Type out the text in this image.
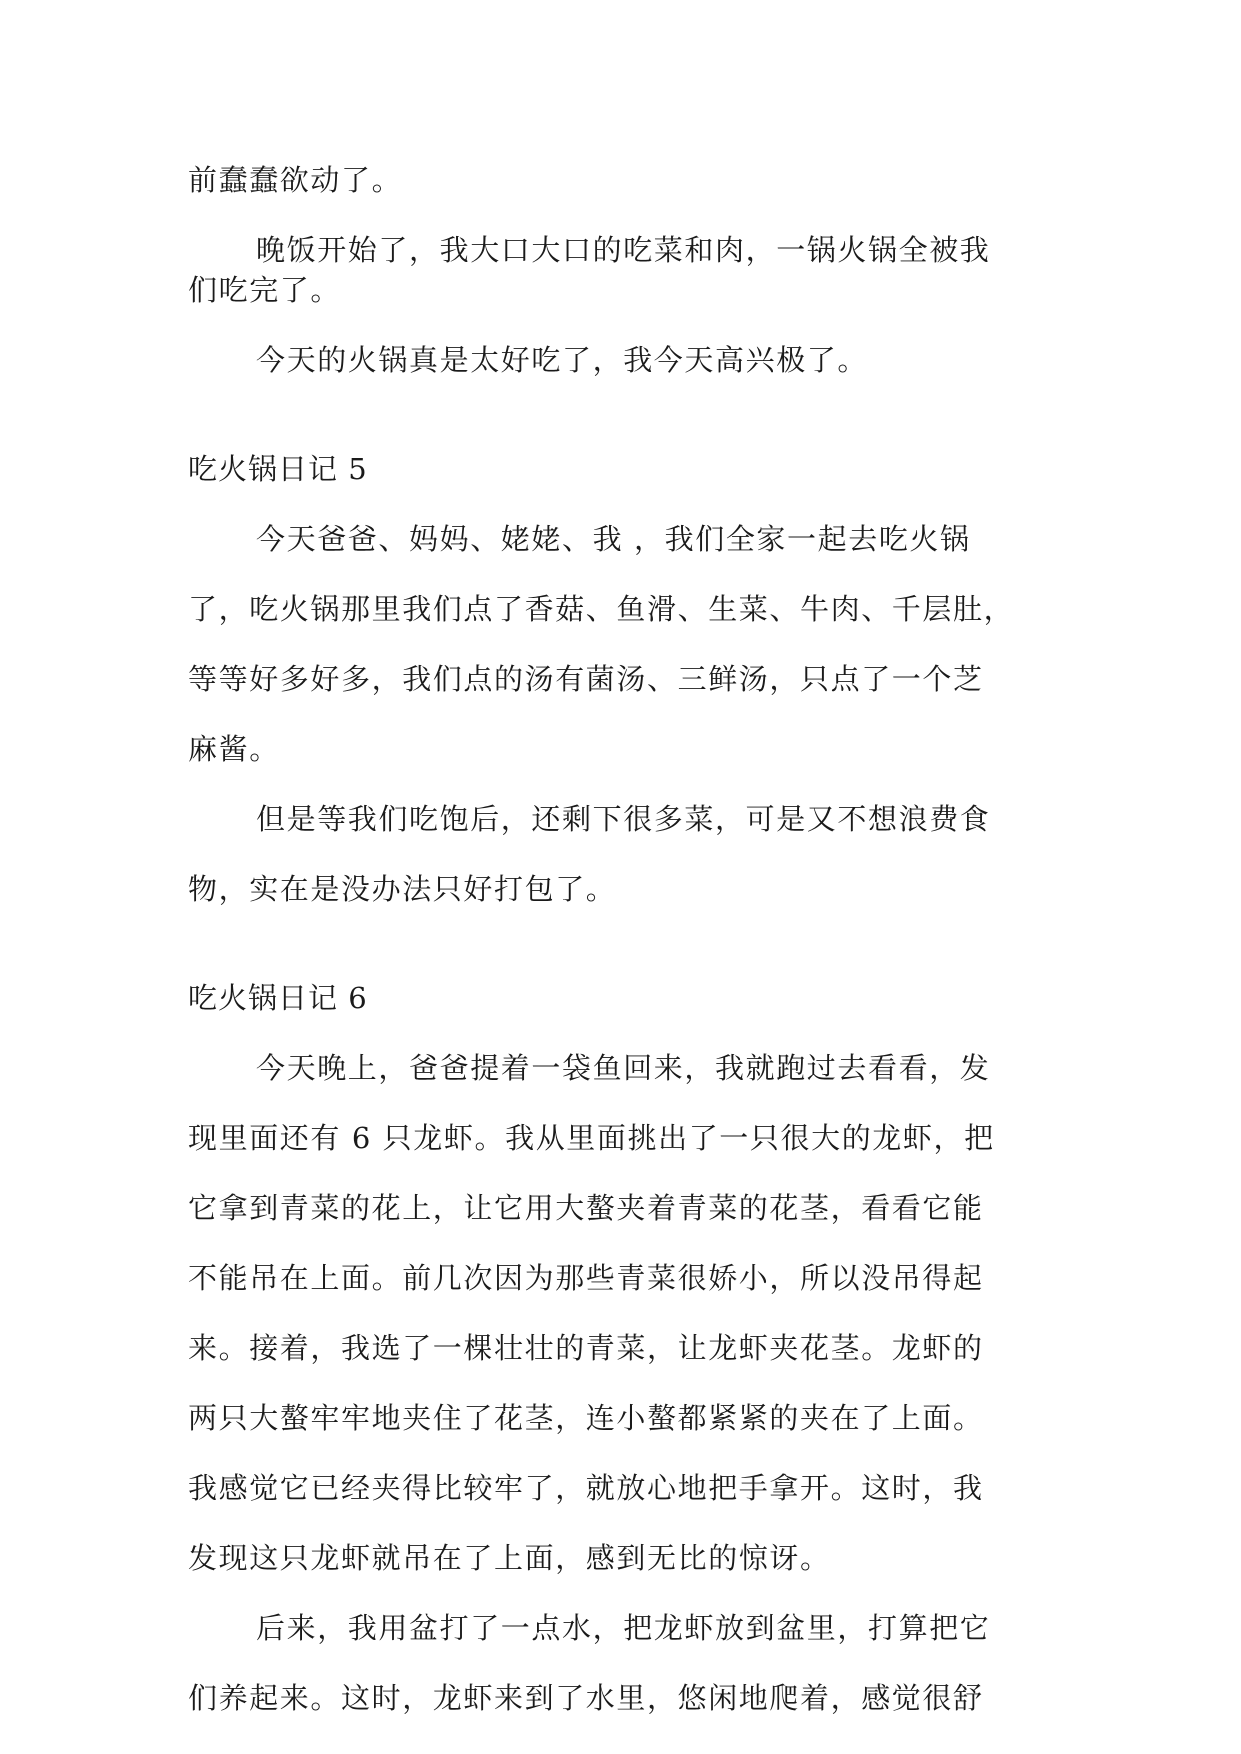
前蠢蠢欲动了。
晚饭开始了，我大口大口的吃菜和肉，一锅火锅全被我
们吃完了。
今天的火锅真是太好吃了，我今天高兴极了。
吃火锅日记 5
今天爸爸、妈妈、姥姥、我 ，我们全家一起去吃火锅
了，吃火锅那里我们点了香菇、鱼滑、生菜、牛肉、千层肚，
等等好多好多，我们点的汤有菌汤、三鲜汤，只点了一个芝
麻酱。
但是等我们吃饱后，还剩下很多菜，可是又不想浪费食
物，实在是没办法只好打包了。
吃火锅日记 6
今天晚上，爸爸提着一袋鱼回来，我就跑过去看看，发
现里面还有 6 只龙虾。我从里面挑出了一只很大的龙虾，把
它拿到青菜的花上，让它用大螯夹着青菜的花茎，看看它能
不能吊在上面。前几次因为那些青菜很娇小，所以没吊得起
来。接着，我选了一棵壮壮的青菜，让龙虾夹花茎。龙虾的
两只大螯牢牢地夹住了花茎，连小螯都紧紧的夹在了上面。
我感觉它已经夹得比较牢了，就放心地把手拿开。这时，我
发现这只龙虾就吊在了上面，感到无比的惊讶。
后来，我用盆打了一点水，把龙虾放到盆里，打算把它
们养起来。这时，龙虾来到了水里，悠闲地爬着，感觉很舒
